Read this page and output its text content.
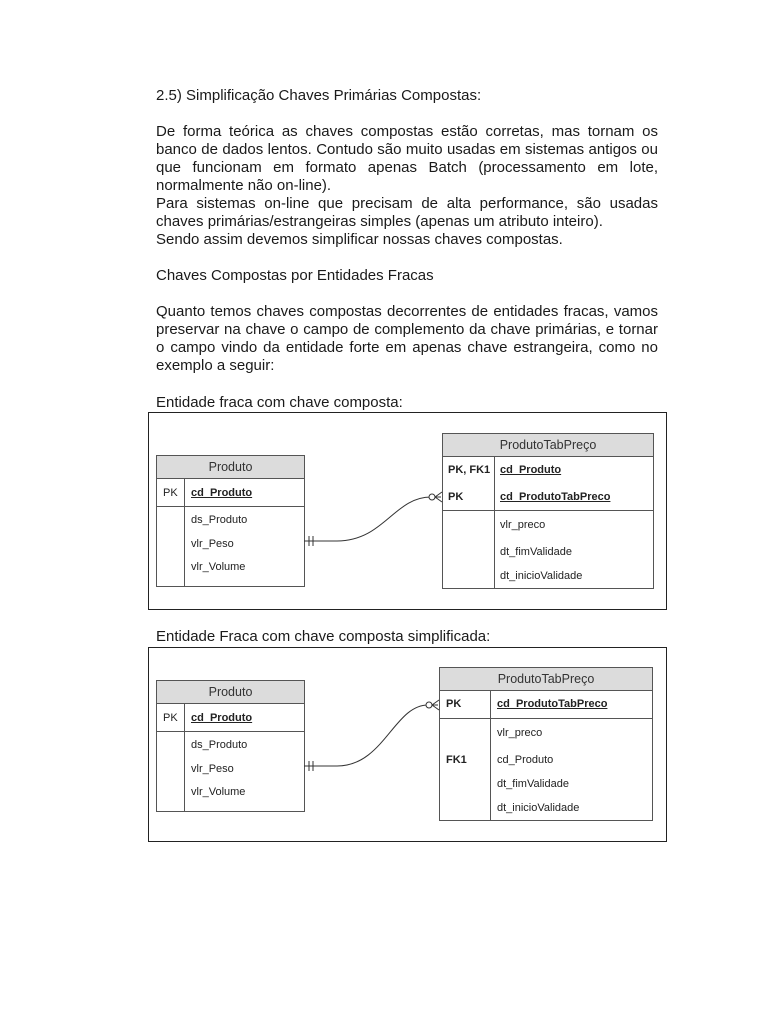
2.5) Simplificação Chaves Primárias Compostas:

De forma teórica as chaves compostas estão corretas, mas tornam os banco de dados lentos. Contudo são muito usadas em sistemas antigos ou que funcionam em formato apenas Batch (processamento em lote, normalmente não on-line).

Para sistemas on-line que precisam de alta performance, são usadas chaves primárias/estrangeiras simples (apenas um atributo inteiro).

Sendo assim devemos simplificar nossas chaves compostas.

Chaves Compostas por Entidades Fracas

Quanto temos chaves compostas decorrentes de entidades fracas, vamos preservar na chave o campo de complemento da chave primárias, e tornar o campo vindo da entidade forte em apenas chave estrangeira, como no exemplo a seguir:

Entidade fraca com chave composta:

Produto
PK cd_Produto
ds_Produto
vlr_Peso
vlr_Volume
ProdutoTabPreço
PK, FK1 cd_Produto
PK	cd_ProdutoTabPreco
vlr_preco
dt_fimValidade
dt_inicioValidade

Entidade Fraca com chave composta simplificada:

Produto
PK cd_Produto
ds_Produto
vlr_Peso
vlr_Volume
ProdutoTabPreço
PK	cd_ProdutoTabPreco
vlr_preco
FK1	cd_Produto
dt_fimValidade
dt_inicioValidade
